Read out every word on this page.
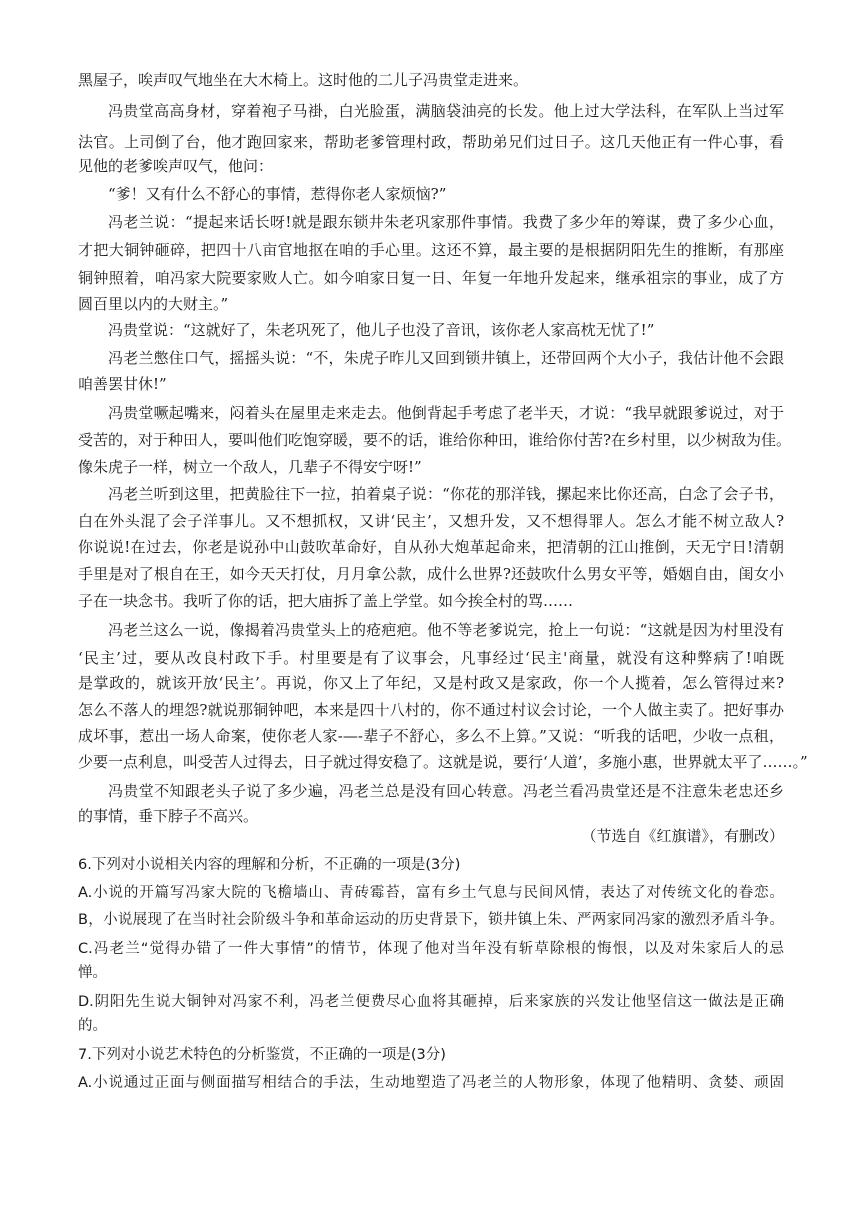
黑屋子，唉声叹气地坐在大木椅上。这时他的二儿子冯贵堂走进来。
冯贵堂高高身材，穿着袍子马褂，白光脸蛋，满脑袋油亮的长发。他上过大学法科，在军队上当过军
法官。上司倒了台，他才跑回家来，帮助老爹管理村政，帮助弟兄们过日子。这几天他正有一件心事，看
见他的老爹唉声叹气，他问：
“爹！又有什么不舒心的事情，惹得你老人家烦恼?”
冯老兰说：“提起来话长呀!就是跟东锁井朱老巩家那件事情。我费了多少年的筹谋，费了多少心血，
才把大铜钟砸碎，把四十八亩官地抠在咱的手心里。这还不算，最主要的是根据阴阳先生的推断，有那座
铜钟照着，咱冯家大院要家败人亡。如今咱家日复一日、年复一年地升发起来，继承祖宗的事业，成了方
圆百里以内的大财主。”
冯贵堂说：“这就好了，朱老巩死了，他儿子也没了音讯，该你老人家高枕无忧了!”
冯老兰憋住口气，摇摇头说：“不，朱虎子昨儿又回到锁井镇上，还带回两个大小子，我估计他不会跟
咱善罢甘休!”
冯贵堂噘起嘴来，闷着头在屋里走来走去。他倒背起手考虑了老半天，才说：“我早就跟爹说过，对于
受苦的，对于种田人，要叫他们吃饱穿暖，要不的话，谁给你种田，谁给你付苦?在乡村里，以少树敌为佳。
像朱虎子一样，树立一个敌人，几辈子不得安宁呀!”
冯老兰听到这里，把黄脸往下一拉，拍着桌子说：“你花的那洋钱，摞起来比你还高，白念了会子书，
白在外头混了会子洋事儿。又不想抓权，又讲‘民主’，又想升发，又不想得罪人。怎么才能不树立敌人?
你说说!在过去，你老是说孙中山鼓吹革命好，自从孙大炮革起命来，把清朝的江山推倒，天无宁日!清朝
手里是对了根自在王，如今天天打仗，月月拿公款，成什么世界?还鼓吹什么男女平等，婚姻自由，闺女小
子在一块念书。我听了你的话，把大庙拆了盖上学堂。如今挨全村的骂……
冯老兰这么一说，像揭着冯贵堂头上的疮疤疤。他不等老爹说完，抢上一句说：“这就是因为村里没有
‘民主’过，要从改良村政下手。村里要是有了议事会，凡事经过‘民主'商量，就没有这种弊病了!咱既
是掌政的，就该开放‘民主’。再说，你又上了年纪，又是村政又是家政，你一个人揽着，怎么管得过来?
怎么不落人的埋怨?就说那铜钟吧，本来是四十八村的，你不通过村议会讨论，一个人做主卖了。把好事办
成坏事，惹出一场人命案，使你老人家-—-辈子不舒心，多么不上算。”又说：“听我的话吧，少收一点租，
少要一点利息，叫受苦人过得去，日子就过得安稳了。这就是说，要行‘人道’，多施小惠，世界就太平了……。”
冯贵堂不知跟老头子说了多少遍，冯老兰总是没有回心转意。冯老兰看冯贵堂还是不注意朱老忠还乡
的事情，垂下脖子不高兴。
（节选自《红旗谱》，有删改）
6.下列对小说相关内容的理解和分析，不正确的一项是(3分)
A.小说的开篇写冯家大院的飞檐墙山、青砖霉苔，富有乡土气息与民间风情，表达了对传统文化的眷恋。
B，小说展现了在当时社会阶级斗争和革命运动的历史背景下，锁井镇上朱、严两家同冯家的激烈矛盾斗争。
C.冯老兰“觉得办错了一件大事情”的情节，体现了他对当年没有斩草除根的悔恨，以及对朱家后人的忌
惮。
D.阴阳先生说大铜钟对冯家不利，冯老兰便费尽心血将其砸掉，后来家族的兴发让他坚信这一做法是正确
的。
7.下列对小说艺术特色的分析鉴赏，不正确的一项是(3分)
A.小说通过正面与侧面描写相结合的手法，生动地塑造了冯老兰的人物形象，体现了他精明、贪婪、顽固
